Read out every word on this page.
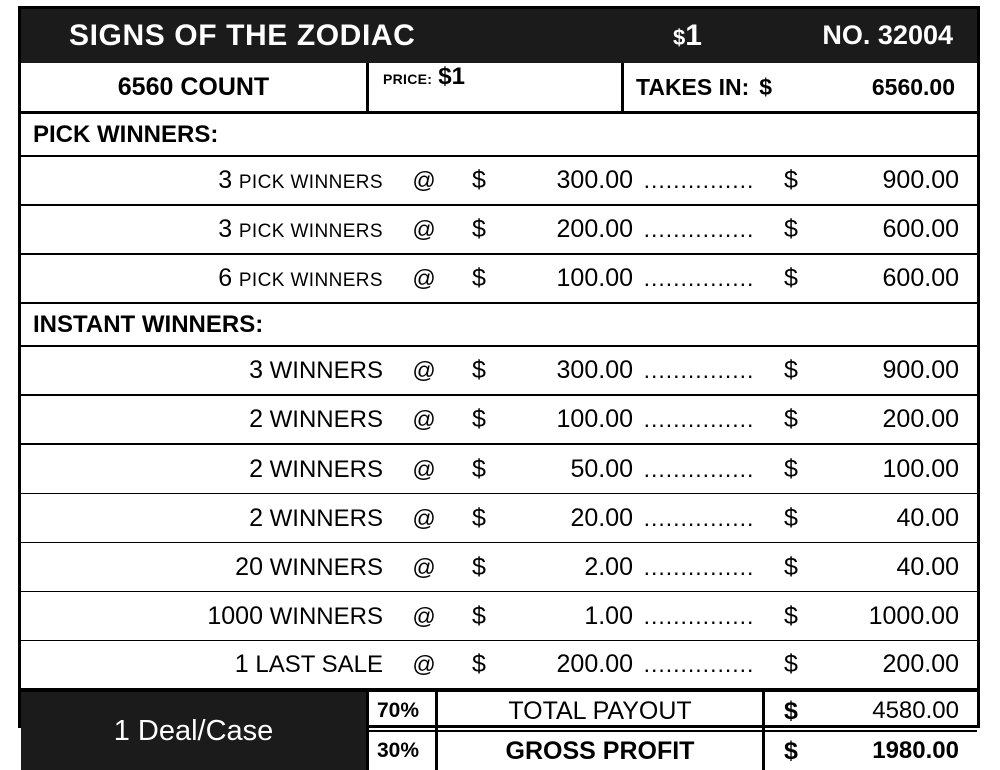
SIGNS OF THE ZODIAC	$1	NO. 32004
6560 COUNT	PRICE: $1	TAKES IN: $	6560.00
PICK WINNERS:
3 PICK WINNERS	@	$	300.00 ...............	$	900.00
3 PICK WINNERS	@	$	200.00 ...............	$	600.00
6 PICK WINNERS	@	$	100.00 ...............	$	600.00
INSTANT WINNERS:
3 WINNERS	@	$	300.00 ...............	$	900.00
2 WINNERS	@	$	100.00 ...............	$	200.00
2 WINNERS	@	$	50.00 ...............	$	100.00
2 WINNERS	@	$	20.00 ...............	$	40.00
20 WINNERS	@	$	2.00 ...............	$	40.00
1000 WINNERS	@	$	1.00 ...............	$	1000.00
1 LAST SALE	@	$	200.00 ...............	$	200.00
1 Deal/Case
70%	TOTAL PAYOUT	$	4580.00
30%	GROSS PROFIT	$	1980.00
